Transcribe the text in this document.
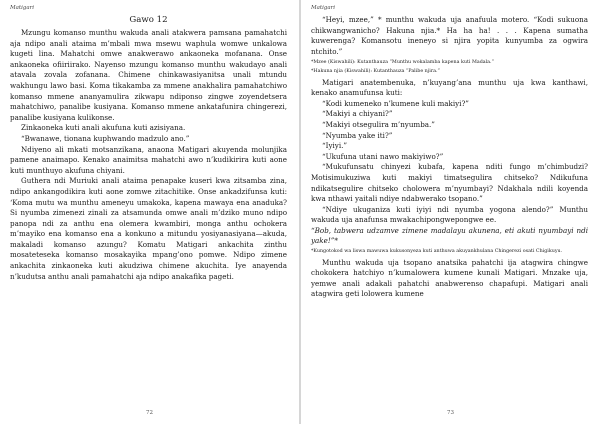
Matigari
Gawo 12

Mzungu komanso munthu wakuda anali atakwera pamsana pamahatchi aja ndipo anali ataima m’mbali mwa msewu waphula womwe unkalowa kugeti lina. Mahatchi omwe anakwerawo ankaoneka mofanana. Onse ankaoneka ofiiriirako. Nayenso mzungu komanso munthu wakudayo anali atavala zovala zofanana. Chimene chinkawasiyanitsa unali mtundu wakhungu lawo basi. Koma tikakamba za mmene anakhalira pamahatchiwo komanso mmene ananyamulira zikwapu ndiponso zingwe zoyendetsera mahatchiwo, panalibe kusiyana. Komanso mmene ankatafunira chingerezi, panalibe kusiyana kulikonse.

Zinkaoneka kuti anali akufuna kuti azisiyana.

“Bwanawe, tionana kuphwando madzulo ano.”

Ndiyeno ali mkati motsanzikana, anaona Matigari akuyenda molunjika pamene anaimapo. Kenako anaimitsa mahatchi awo n’kudikirira kuti aone kuti munthuyo akufuna chiyani.

Guthera ndi Muriuki anali ataima penapake kuseri kwa zitsamba zina, ndipo ankangodikira kuti aone zomwe zitachitike. Onse ankadzifunsa kuti: ‘Koma mutu wa munthu ameneyu umakoka, kapena mawaya ena anaduka? Si nyumba zimenezi zinali za atsamunda omwe anali m’dziko muno ndipo panopa ndi za anthu ena olemera kwambiri, monga anthu ochokera m’mayiko ena komanso ena a konkuno a mitundu yosiyanasiyana—akuda, makaladi komanso azungu? Komatu Matigari ankachita zinthu mosateteseka komanso mosakayika mpang’ono pomwe. Ndipo zimene ankachita zinkaoneka kuti akudziwa chimene akuchita. Iye anayenda n’kudutsa anthu anali pamahatchi aja ndipo anakafika pageti.

72
Matigari

“Heyi, mzee,” * munthu wakuda uja anafuula motero. “Kodi sukuona chikwangwanicho? Hakuna njia.* Ha ha ha! . . . Kapena sumatha kuwerenga? Komansotu ineneyo si njira yopita kunyumba za ogwira ntchito.”

*Mzee (Kiswahili): Kutanthauza “Munthu wokalamba kapena kuti Madala.”
*Hakuna njia (Kiswahili): Kutanthauza “Palibe njira.”

Matigari anatembenuka, n’kuyang’ana munthu uja kwa kanthawi, kenako anamufunsa kuti:

“Kodi kumeneko n’kumene kuli makiyi?”

“Makiyi a chiyani?”

“Makiyi otsegulira m’nyumba.”

“Nyumba yake iti?”

“Iyiyi.”

“Ukufuna utani nawo makiyiwo?”

“Mukufunsatu chinyezi kubafa, kapena nditi fungo m’chimbudzi? Motisimukuziwa kuti makiyi timatsegulira chitseko? Ndikufuna ndikatsegulire chitseko cholowera m’nyumbayi? Ndakhala ndili koyenda kwa nthawi yaitali ndiye ndabwerako tsopano.”

“Ndiye ukuganiza kuti iyiyi ndi nyumba yogona alendo?” Munthu wakuda uja anafunsa mwakachipongwepongwe ee.

“Bob, tabwera udzamve zimene madalayu akunena, eti akuti nyumbayi ndi yake!”*

*Kungotokod wa liswa mawuwa kukusonyeza kuti anthuwa akuyankhulana Chingerezi osati Chigikuyu.

Munthu wakuda uja tsopano anatsika pahatchi ija atagwira chingwe chokokera hatchiyo n’kumalowera kumene kunali Matigari. Mnzake uja, yemwe anali adakali pahatchi anabwerenso chapafupi. Matigari anali atagwira geti lolowera kumene

73
